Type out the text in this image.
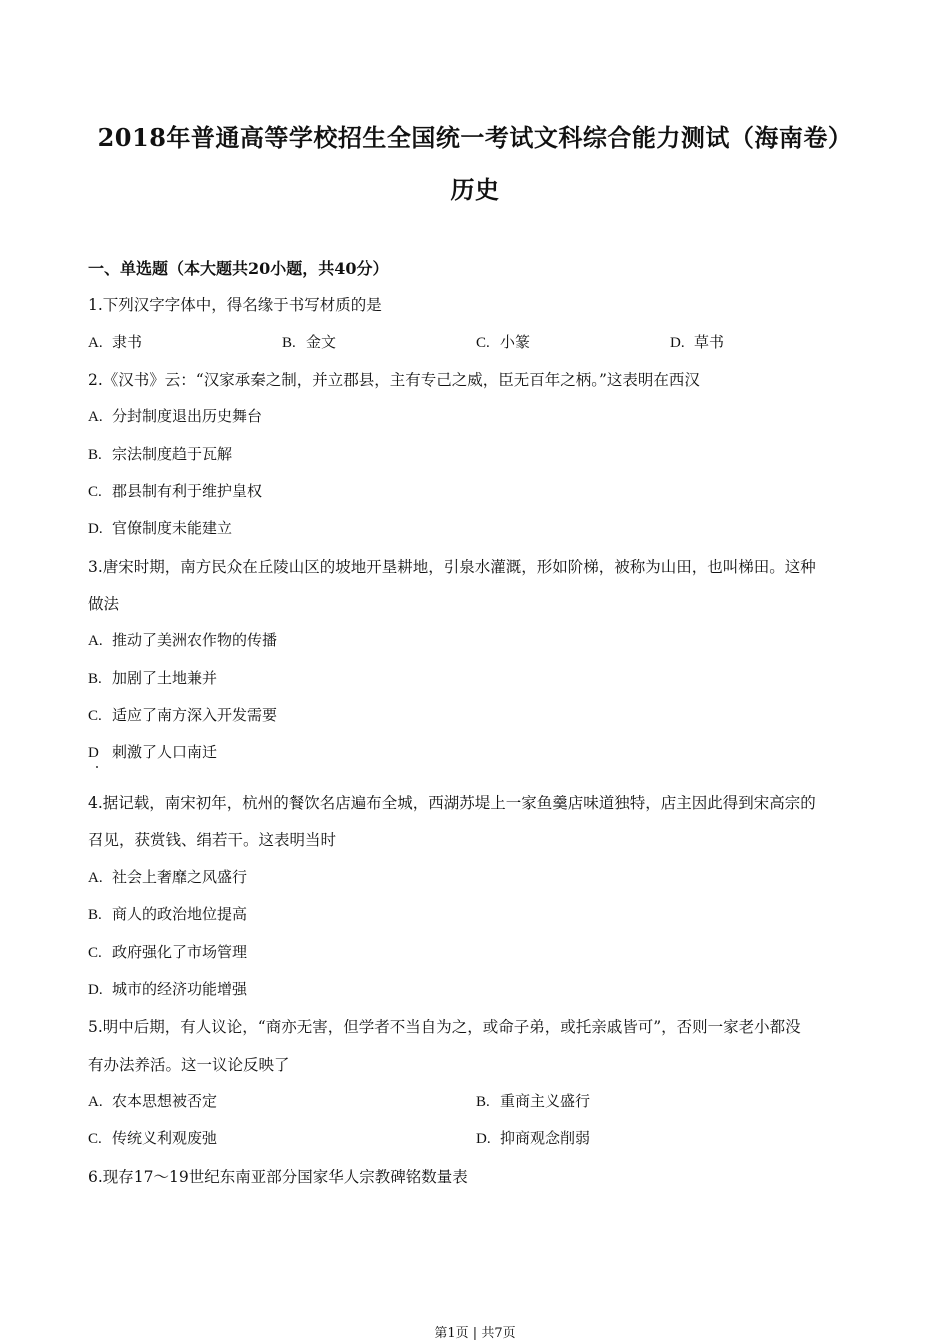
2018年普通高等学校招生全国统一考试文科综合能力测试（海南卷）
历史
一、单选题（本大题共20小题，共40分）
1.下列汉字字体中，得名缘于书写材质的是
A. 隶书	B. 金文	C. 小篆	D. 草书
2.《汉书》云：“汉家承秦之制，并立郡县，主有专己之威，臣无百年之柄。”这表明在西汉
A. 分封制度退出历史舞台
B. 宗法制度趋于瓦解
C. 郡县制有利于维护皇权
D. 官僚制度未能建立
3.唐宋时期，南方民众在丘陵山区的坡地开垦耕地，引泉水灌溉，形如阶梯，被称为山田，也叫梯田。这种
做法
A. 推动了美洲农作物的传播
B. 加剧了土地兼并
C. 适应了南方深入开发需要
D 刺激了人口南迁
4.据记载，南宋初年，杭州的餐饮名店遍布全城，西湖苏堤上一家鱼羹店味道独特，店主因此得到宋高宗的
召见，获赏钱、绢若干。这表明当时
A. 社会上奢靡之风盛行
B. 商人的政治地位提高
C. 政府强化了市场管理
D. 城市的经济功能增强
5.明中后期，有人议论，“商亦无害，但学者不当自为之，或命子弟，或托亲戚皆可”，否则一家老小都没
有办法养活。这一议论反映了
A. 农本思想被否定	B. 重商主义盛行
C. 传统义利观废弛	D. 抑商观念削弱
6.现存17～19世纪东南亚部分国家华人宗教碑铭数量表
第1页 | 共7页
